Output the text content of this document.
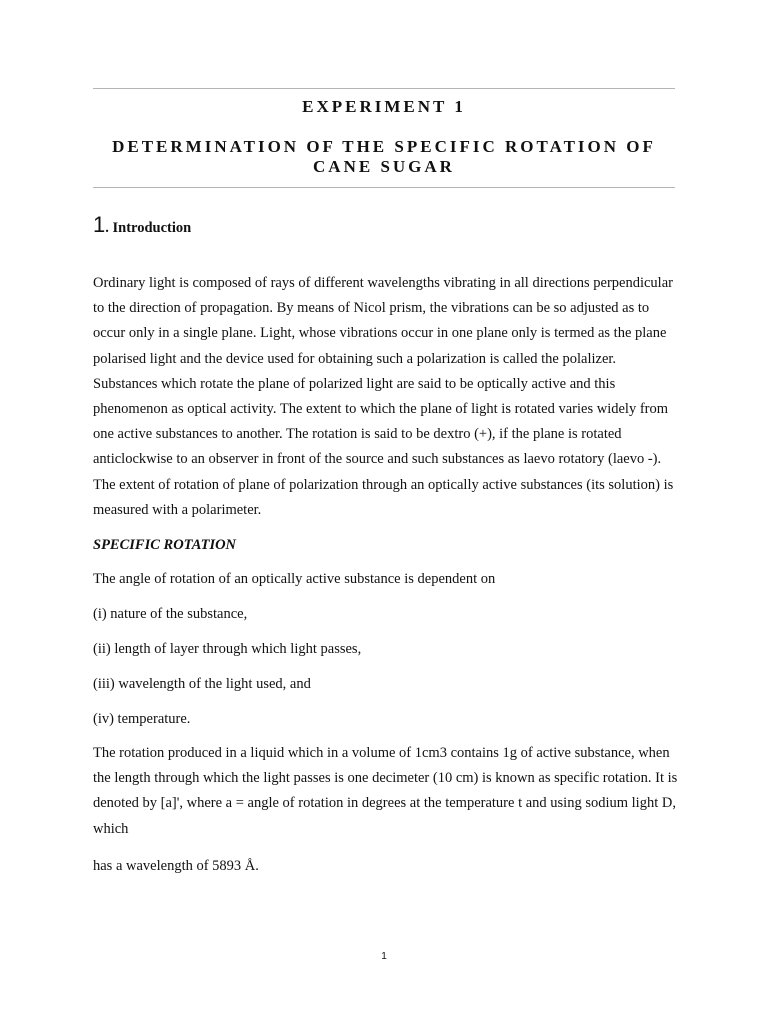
EXPERIMENT 1
DETERMINATION OF THE SPECIFIC ROTATION OF CANE SUGAR
1. Introduction

Ordinary light is composed of rays of different wavelengths vibrating in all directions perpendicular to the direction of propagation. By means of Nicol prism, the vibrations can be so adjusted as to occur only in a single plane. Light, whose vibrations occur in one plane only is termed as the plane polarised light and the device used for obtaining such a polarization is called the polalizer. Substances which rotate the plane of polarized light are said to be optically active and this phenomenon as optical activity. The extent to which the plane of light is rotated varies widely from one active substances to another. The rotation is said to be dextro (+), if the plane is rotated anticlockwise to an observer in front of the source and such substances as laevo rotatory (laevo -). The extent of rotation of plane of polarization through an optically active substances (its solution) is measured with a polarimeter.

SPECIFIC ROTATION
The angle of rotation of an optically active substance is dependent on
(i) nature of the substance,
(ii) length of layer through which light passes,
(iii) wavelength of the light used, and
(iv) temperature.

The rotation produced in a liquid which in a volume of 1cm3 contains 1g of active substance, when the length through which the light passes is one decimeter (10 cm) is known as specific rotation. It is denoted by [a]', where a = angle of rotation in degrees at the temperature t and using sodium light D, which

has a wavelength of 5893 Å.
1
